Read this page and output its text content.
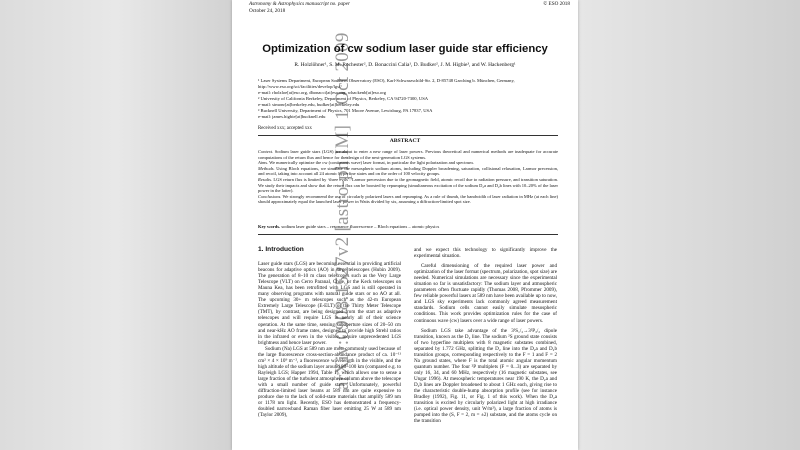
arXiv:0908.1527v2 [astro-ph.IM] 1 Oct 2009
Astronomy & Astrophysics manuscript no. paper
October 24, 2018
© ESO 2018
Optimization of cw sodium laser guide star efficiency
R. Holzlöhner¹, S. M. Rochester², D. Bonaccini Calia¹, D. Budker², J. M. Higbie³, and W. Hackenberg¹

¹ Laser Systems Department, European Southern Observatory (ESO), Karl-Schwarzschild-Str. 2, D-85748 Garching b. München, Germany, http://www.eso.org/sci/facilities/develop/lgsf/

e-mail: rholzloe[at]eso.org, dbonacci[at]eso.org, whackenb[at]eso.org

² University of California Berkeley, Department of Physics, Berkeley, CA 94720-7300, USA

e-mail: simonr[at]berkeley.edu, budker[at]berkeley.edu

³ Bucknell University, Department of Physics, 701 Moore Avenue, Lewisburg, PA 17837, USA

e-mail: james.higbie[at]bucknell.edu

Received xxx; accepted xxx
ABSTRACT

Context. Sodium laser guide stars (LGS) are about to enter a new range of laser powers. Previous theoretical and numerical methods are inadequate for accurate computations of the return flux and hence for the design of the next-generation LGS systems.

Aims. We numerically optimize the cw (continuous wave) laser format, in particular the light polarization and spectrum.

Methods. Using Bloch equations, we simulate the mesospheric sodium atoms, including Doppler broadening, saturation, collisional relaxation, Larmor precession, and recoil, taking into account all 24 atomic hyperfine states and on the order of 100 velocity groups.

Results. LGS return flux is limited by ‘three evils’: Larmor precession due to the geomagnetic field, atomic recoil due to radiation pressure, and transition saturation. We study their impacts and show that the return flux can be boosted by repumping (simultaneous excitation of the sodium D₂a and D₂b lines with 10–20% of the laser power in the latter).

Conclusions. We strongly recommend the use of circularly polarized lasers and repumping. As a rule of thumb, the bandwidth of laser radiation in MHz (at each line) should approximately equal the launched laser power in Watts divided by six, assuming a diffraction-limited spot size.

Key words. sodium laser guide stars – resonance fluorescence – Bloch equations – atomic physics
1. Introduction

Laser guide stars (LGS) are becoming essential in providing artificial beacons for adaptive optics (AO) in large telescopes (Hubin 2009). The generation of 8–10 m class telescopes such as the Very Large Telescope (VLT) on Cerro Paranal, Chile, or the Keck telescopes on Mauna Kea, has been retrofitted with LGS and is still operated in many observing programs with natural guide stars or no AO at all. The upcoming 30+ m telescopes such as the 42-m European Extremely Large Telescope (E-ELT) or the Thirty Meter Telescope (TMT), by contrast, are being designed from the start as adaptive telescopes and will require LGS in nearly all of their science operation. At the same time, sensing subaperture sizes of 20–50 cm and near-kHz AO frame rates, designed to provide high Strehl ratios in the infrared or even in the visible, require unprecedented LGS brightness and hence laser power.

Sodium (Na) LGS at 589 nm are most commonly used because of the large fluorescence cross-section-abundance product of ca. 10⁻¹¹ cm² × 4 × 10⁹ m⁻², a fluorescence wavelength in the visible, and the high altitude of the sodium layer around 80–100 km (compared e.g. to Rayleigh LGS; Happer 1994, Table 1), which allows one to sense a large fraction of the turbulent atmosphere column above the telescope with a small number of guide stars. Unfortunately, powerful diffraction-limited laser beams at 589 nm are quite expensive to produce due to the lack of solid-state materials that amplify 589 nm or 1178 nm light. Recently, ESO has demonstrated a frequency-doubled narrowband Raman fiber laser emitting 25 W at 589 nm (Taylor 2009),

and we expect this technology to significantly improve the experimental situation.

Careful dimensioning of the required laser power and optimization of the laser format (spectrum, polarization, spot size) are needed. Numerical simulations are necessary since the experimental situation so far is unsatisfactory: The sodium layer and atmospheric parameters often fluctuate rapidly (Thomas 2008, Pfrommer 2009), few reliable powerful lasers at 589 nm have been available up to now, and LGS sky experiments lack commonly agreed measurement standards. Sodium cells cannot easily simulate mesospheric conditions. This work provides optimization rules for the case of continuous wave (cw) lasers over a wide range of laser powers.

Sodium LGS take advantage of the 3²S₁/₂→3²P₃/₂ dipole transition, known as the D₂ line. The sodium ²S ground state consists of two hyperfine multiplets with 8 magnetic substates combined, separated by 1.772 GHz, splitting the D₂ line into the D₂a and D₂b transition groups, corresponding respectively to the F = 1 and F = 2 Na ground states, where F is the total atomic angular momentum quantum number. The four ²P multiplets (F = 0...3) are separated by only 16, 34, and 60 MHz, respectively (16 magnetic substates, see Ungar 1996). At mesospheric temperatures near 190 K, the D₂a and D₂b lines are Doppler broadened to about 1 GHz each, giving rise to the characteristic double-hump absorption profile (see for instance Bradley (1992), Fig. 11, or Fig. 1 of this work). When the D₂a transition is excited by circularly polarized light at high irradiance (i.e. optical power density, unit W/m²), a large fraction of atoms is pumped into the (S, F = 2, m = ±2) substate, and the atoms cycle on the transition
